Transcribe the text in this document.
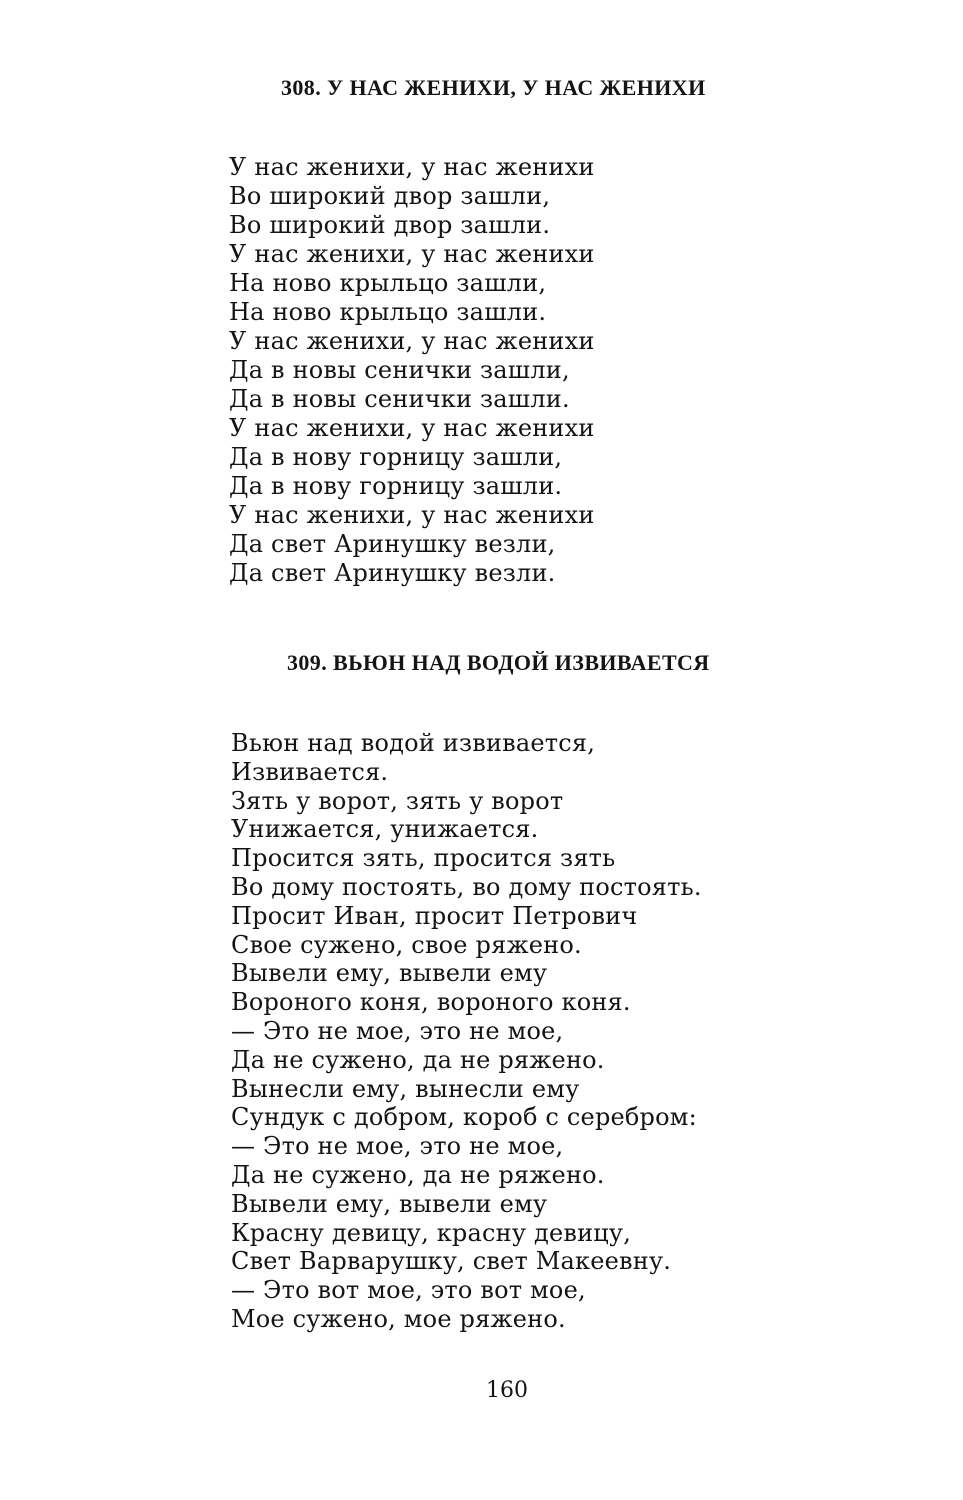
308. У НАС ЖЕНИХИ, У НАС ЖЕНИХИ
У нас женихи, у нас женихи
Во широкий двор зашли,
Во широкий двор зашли.
У нас женихи, у нас женихи
На ново крыльцо зашли,
На ново крыльцо зашли.
У нас женихи, у нас женихи
Да в новы сенички зашли,
Да в новы сенички зашли.
У нас женихи, у нас женихи
Да в нову горницу зашли,
Да в нову горницу зашли.
У нас женихи, у нас женихи
Да свет Аринушку везли,
Да свет Аринушку везли.
309. ВЬЮН НАД ВОДОЙ ИЗВИВАЕТСЯ
Вьюн над водой извивается,
Извивается.
Зять у ворот, зять у ворот
Унижается, унижается.
Просится зять, просится зять
Во дому постоять, во дому постоять.
Просит Иван, просит Петрович
Свое сужено, свое ряжено.
Вывели ему, вывели ему
Вороного коня, вороного коня.
— Это не мое, это не мое,
Да не сужено, да не ряжено.
Вынесли ему, вынесли ему
Сундук с добром, короб с серебром:
— Это не мое, это не мое,
Да не сужено, да не ряжено.
Вывели ему, вывели ему
Красну девицу, красну девицу,
Свет Варварушку, свет Макеевну.
— Это вот мое, это вот мое,
Мое сужено, мое ряжено.
160
